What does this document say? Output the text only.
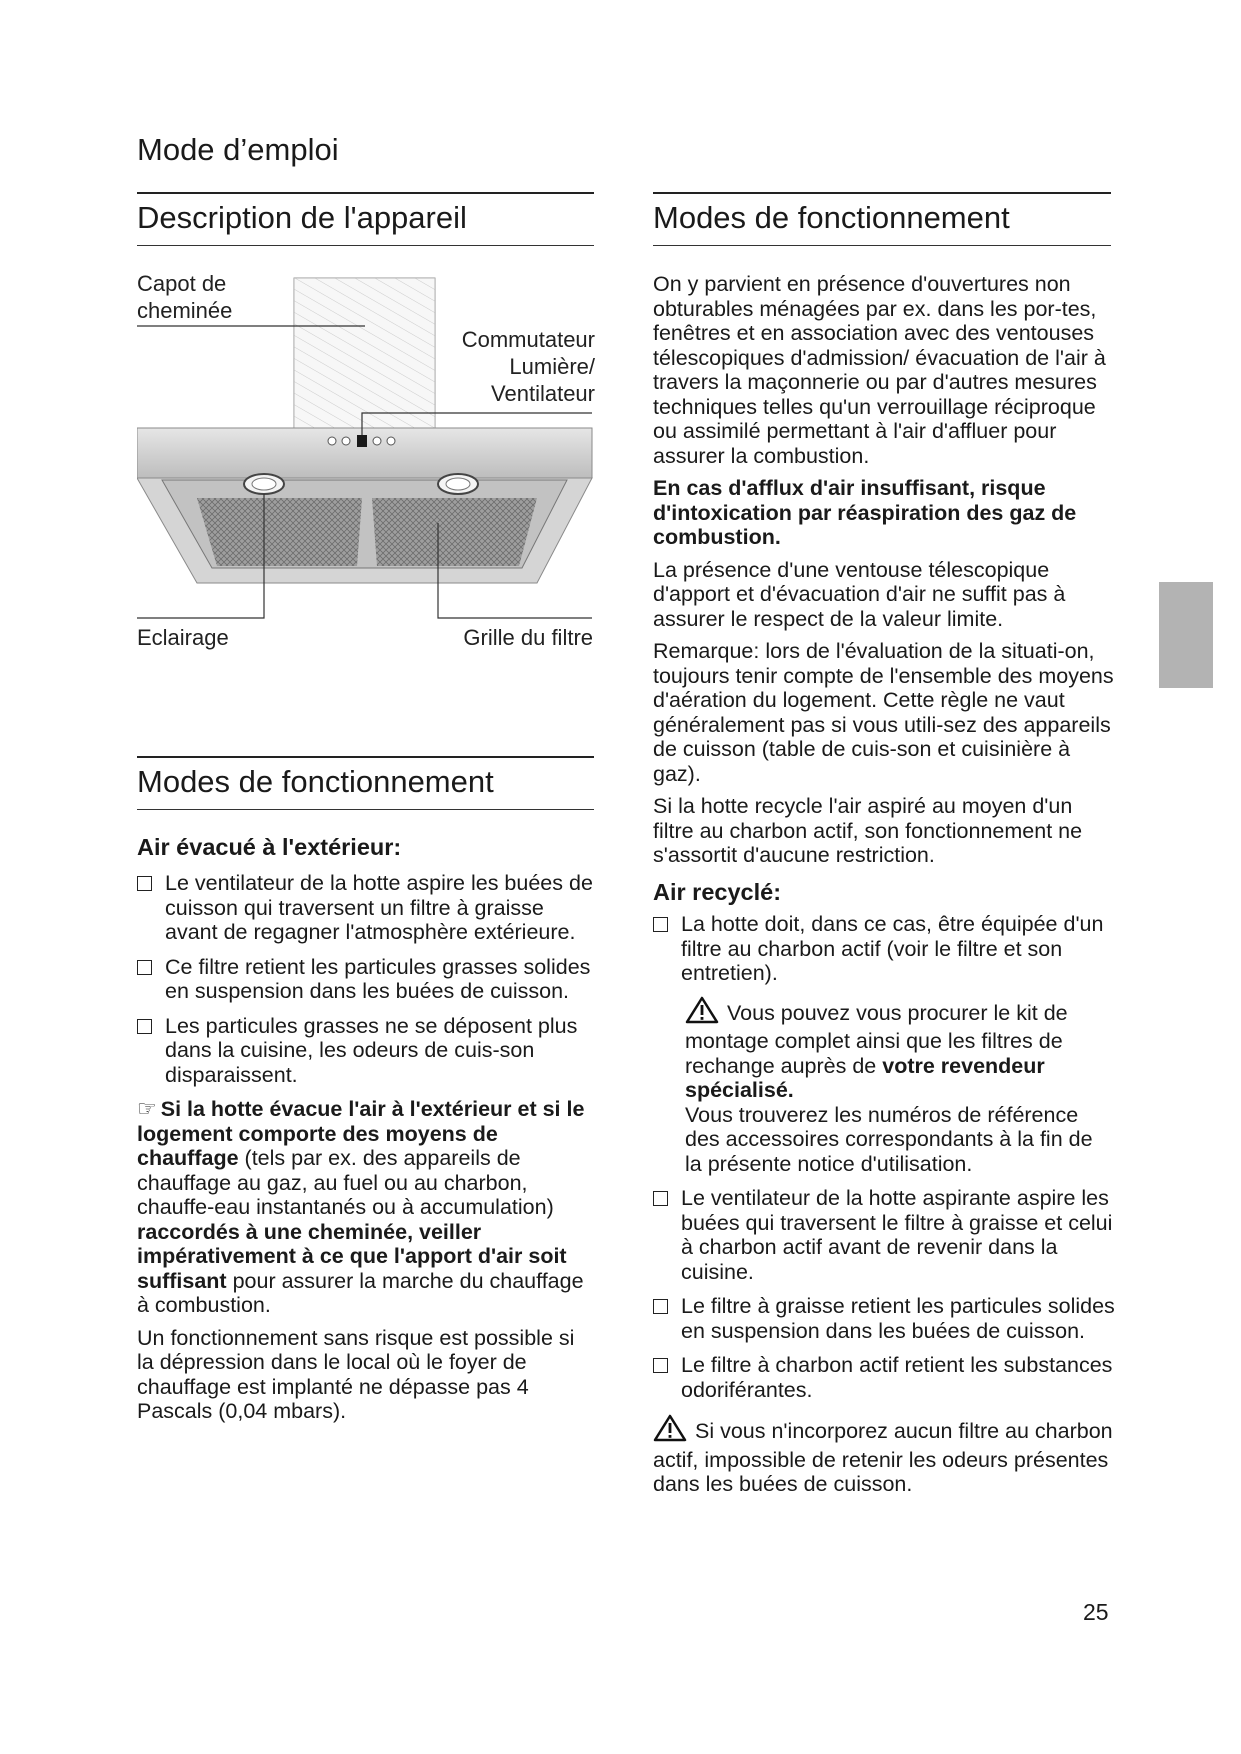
Mode d’emploi
Description de l'appareil
Capot de cheminée
Commutateur
Lumière/
Ventilateur
Eclairage	Grille du filtre
Modes de fonctionnement
Air évacué à l'extérieur:
Le ventilateur de la hotte aspire les buées de cuisson qui traversent un filtre à graisse avant de regagner l'atmosphère extérieure.
Ce filtre retient les particules grasses solides en suspension dans les buées de cuisson.
Les particules grasses ne se déposent plus dans la cuisine, les odeurs de cuis-son disparaissent.
☞ Si la hotte évacue l'air à l'extérieur et si le logement comporte des moyens de chauffage (tels par ex. des appareils de chauffage au gaz, au fuel ou au charbon, chauffe-eau instantanés ou à accumulation) raccordés à une cheminée, veiller impérativement à ce que l'apport d'air soit suffisant pour assurer la marche du chauffage à combustion.
Un fonctionnement sans risque est possible si la dépression dans le local où le foyer de chauffage est implanté ne dépasse pas 4 Pascals (0,04 mbars).
Modes de fonctionnement
On y parvient en présence d'ouvertures non obturables ménagées par ex. dans les por-tes, fenêtres et en association avec des ventouses télescopiques d'admission/ évacuation de l'air à travers la maçonnerie ou par d'autres mesures techniques telles qu'un verrouillage réciproque ou assimilé permettant à l'air d'affluer pour assurer la combustion.
En cas d'afflux d'air insuffisant, risque d'intoxication par réaspiration des gaz de combustion.
La présence d'une ventouse télescopique d'apport et d'évacuation d'air ne suffit pas à assurer le respect de la valeur limite.
Remarque: lors de l'évaluation de la situati-on, toujours tenir compte de l'ensemble des moyens d'aération du logement. Cette règle ne vaut généralement pas si vous utili-sez des appareils de cuisson (table de cuis-son et cuisinière à gaz).
Si la hotte recycle l'air aspiré au moyen d'un filtre au charbon actif, son fonctionnement ne s'assortit d'aucune restriction.
Air recyclé:
La hotte doit, dans ce cas, être équipée d'un filtre au charbon actif (voir le filtre et son entretien).
Vous pouvez vous procurer le kit de montage complet ainsi que les filtres de rechange auprès de votre revendeur spécialisé.
Vous trouverez les numéros de référence des accessoires correspondants à la fin de la présente notice d'utilisation.
Le ventilateur de la hotte aspirante aspire les buées qui traversent le filtre à graisse et celui à charbon actif avant de revenir dans la cuisine.
Le filtre à graisse retient les particules solides en suspension dans les buées de cuisson.
Le filtre à charbon actif retient les substances odoriférantes.
Si vous n'incorporez aucun filtre au charbon actif, impossible de retenir les odeurs présentes dans les buées de cuisson.
25
